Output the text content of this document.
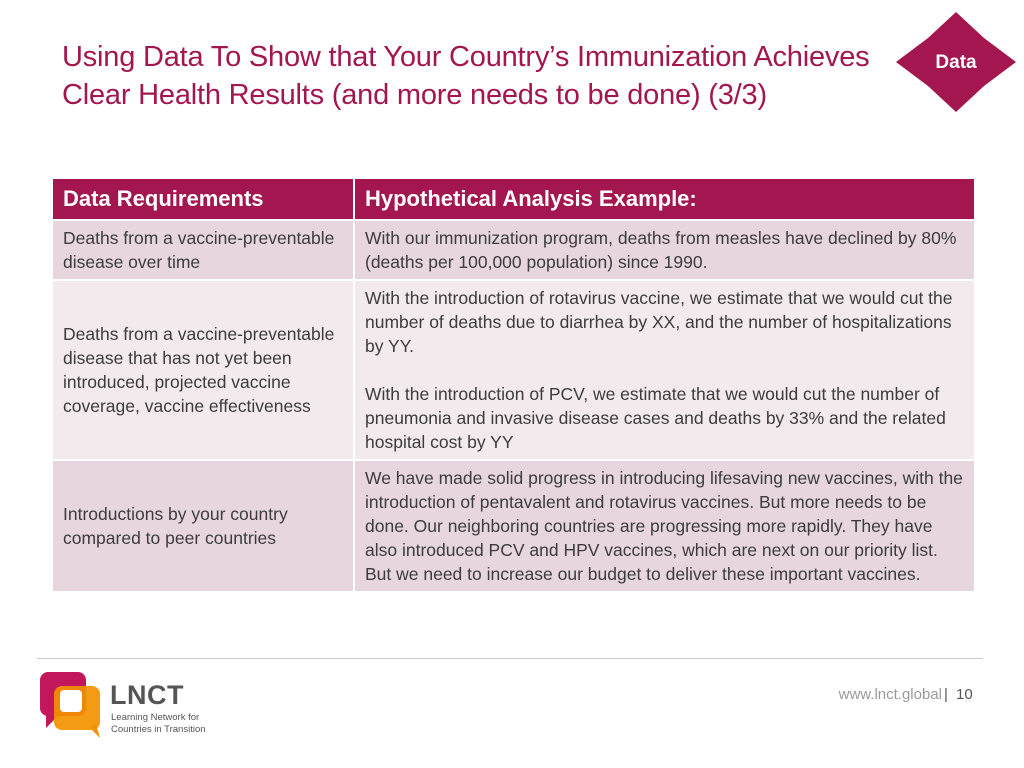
Using Data To Show that Your Country’s Immunization Achieves Clear Health Results (and more needs to be done) (3/3)
Data
Data Requirements	Hypothetical Analysis Example:
Deaths from a vaccine-preventable disease over time	With our immunization program, deaths from measles have declined by 80% (deaths per 100,000 population) since 1990.

Deaths from a vaccine-preventable disease that has not yet been introduced, projected vaccine coverage, vaccine effectiveness	With the introduction of rotavirus vaccine, we estimate that we would cut the number of deaths due to diarrhea by XX, and the number of hospitalizations by YY.

With the introduction of PCV, we estimate that we would cut the number of pneumonia and invasive disease cases and deaths by 33% and the related hospital cost by YY

Introductions by your country compared to peer countries	We have made solid progress in introducing lifesaving new vaccines, with the introduction of pentavalent and rotavirus vaccines. But more needs to be done. Our neighboring countries are progressing more rapidly. They have also introduced PCV and HPV vaccines, which are next on our priority list. But we need to increase our budget to deliver these important vaccines.

LNCT
Learning Network for
Countries in Transition
www.lnct.global | 10
